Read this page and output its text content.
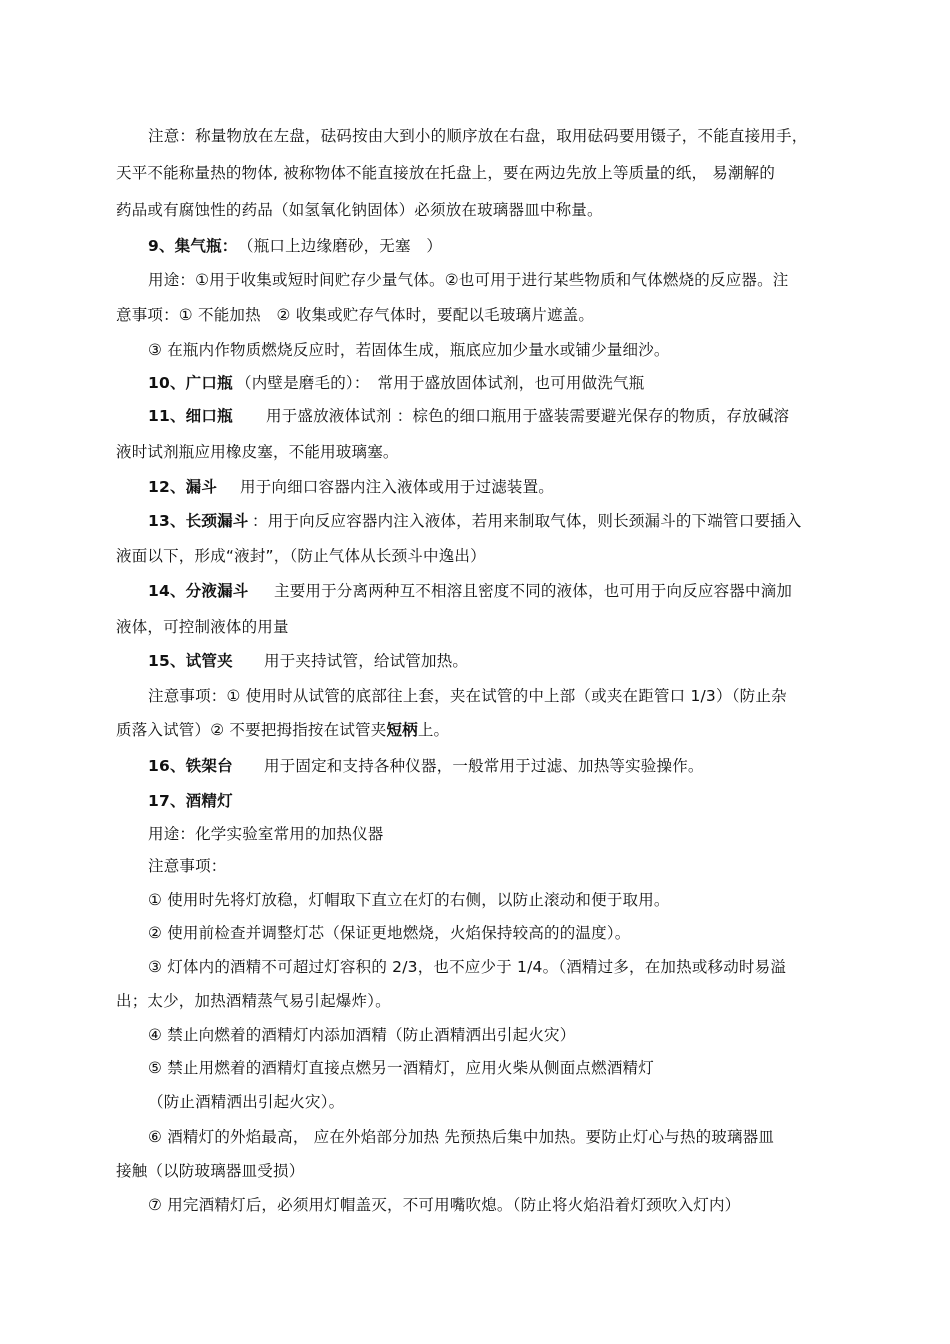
注意：称量物放在左盘，砝码按由大到小的顺序放在右盘，取用砝码要用镊子，不能直接用手，
天平不能称量热的物体, 被称物体不能直接放在托盘上，要在两边先放上等质量的纸， 易潮解的
药品或有腐蚀性的药品（如氢氧化钠固体）必须放在玻璃器皿中称量。
9、集气瓶： （瓶口上边缘磨砂，无塞　）
用途：①用于收集或短时间贮存少量气体。②也可用于进行某些物质和气体燃烧的反应器。注
意事项：① 不能加热　② 收集或贮存气体时，要配以毛玻璃片遮盖。
③ 在瓶内作物质燃烧反应时，若固体生成，瓶底应加少量水或铺少量细沙。
10、广口瓶 （内壁是磨毛的）：　常用于盛放固体试剂，也可用做洗气瓶
11、细口瓶 用于盛放液体试剂 ：棕色的细口瓶用于盛装需要避光保存的物质，存放碱溶
液时试剂瓶应用橡皮塞，不能用玻璃塞。
12、漏斗 用于向细口容器内注入液体或用于过滤装置。
13、长颈漏斗 ：用于向反应容器内注入液体，若用来制取气体，则长颈漏斗的下端管口要插入
液面以下，形成“液封”，（防止气体从长颈斗中逸出）
14、分液漏斗 主要用于分离两种互不相溶且密度不同的液体，也可用于向反应容器中滴加
液体，可控制液体的用量
15、试管夹 用于夹持试管，给试管加热。
注意事项：① 使用时从试管的底部往上套，夹在试管的中上部（或夹在距管口 1/3）（防止杂
质落入试管）② 不要把拇指按在试管夹短柄上。
16、铁架台 用于固定和支持各种仪器，一般常用于过滤、加热等实验操作。
17、酒精灯
用途：化学实验室常用的加热仪器
注意事项：
① 使用时先将灯放稳，灯帽取下直立在灯的右侧，以防止滚动和便于取用。
② 使用前检查并调整灯芯（保证更地燃烧，火焰保持较高的的温度）。
③ 灯体内的酒精不可超过灯容积的 2/3，也不应少于 1/4。（酒精过多，在加热或移动时易溢
出；太少，加热酒精蒸气易引起爆炸）。
④ 禁止向燃着的酒精灯内添加酒精（防止酒精洒出引起火灾）
⑤ 禁止用燃着的酒精灯直接点燃另一酒精灯，应用火柴从侧面点燃酒精灯
（防止酒精洒出引起火灾）。
⑥ 酒精灯的外焰最高， 应在外焰部分加热 先预热后集中加热。要防止灯心与热的玻璃器皿
接触（以防玻璃器皿受损）
⑦ 用完酒精灯后，必须用灯帽盖灭，不可用嘴吹熄。（防止将火焰沿着灯颈吹入灯内）
